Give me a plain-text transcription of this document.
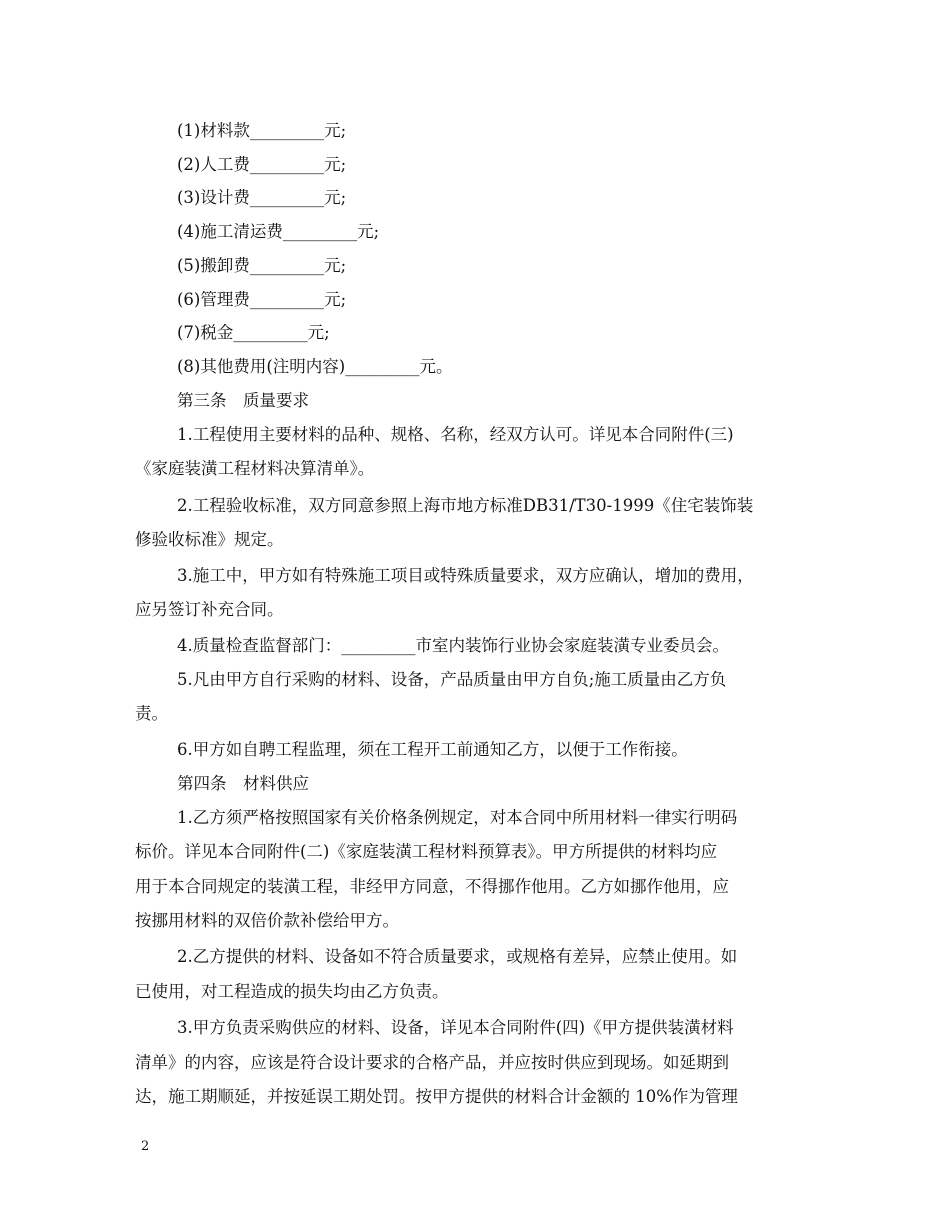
(1)材料款_________元;
(2)人工费_________元;
(3)设计费_________元;
(4)施工清运费_________元;
(5)搬卸费_________元;
(6)管理费_________元;
(7)税金_________元;
(8)其他费用(注明内容)_________元。
第三条　质量要求
1.工程使用主要材料的品种、规格、名称，经双方认可。详见本合同附件(三)
《家庭装潢工程材料决算清单》。
2.工程验收标准，双方同意参照上海市地方标准DB31/T30-1999《住宅装饰装
修验收标准》规定。
3.施工中，甲方如有特殊施工项目或特殊质量要求，双方应确认，增加的费用，
应另签订补充合同。
4.质量检查监督部门：_________市室内装饰行业协会家庭装潢专业委员会。
5.凡由甲方自行采购的材料、设备，产品质量由甲方自负;施工质量由乙方负
责。
6.甲方如自聘工程监理，须在工程开工前通知乙方，以便于工作衔接。
第四条　材料供应
1.乙方须严格按照国家有关价格条例规定，对本合同中所用材料一律实行明码
标价。详见本合同附件(二)《家庭装潢工程材料预算表》。甲方所提供的材料均应
用于本合同规定的装潢工程，非经甲方同意，不得挪作他用。乙方如挪作他用，应
按挪用材料的双倍价款补偿给甲方。
2.乙方提供的材料、设备如不符合质量要求，或规格有差异，应禁止使用。如
已使用，对工程造成的损失均由乙方负责。
3.甲方负责采购供应的材料、设备，详见本合同附件(四)《甲方提供装潢材料
清单》的内容，应该是符合设计要求的合格产品，并应按时供应到现场。如延期到
达，施工期顺延，并按延误工期处罚。按甲方提供的材料合计金额的 10%作为管理
2
